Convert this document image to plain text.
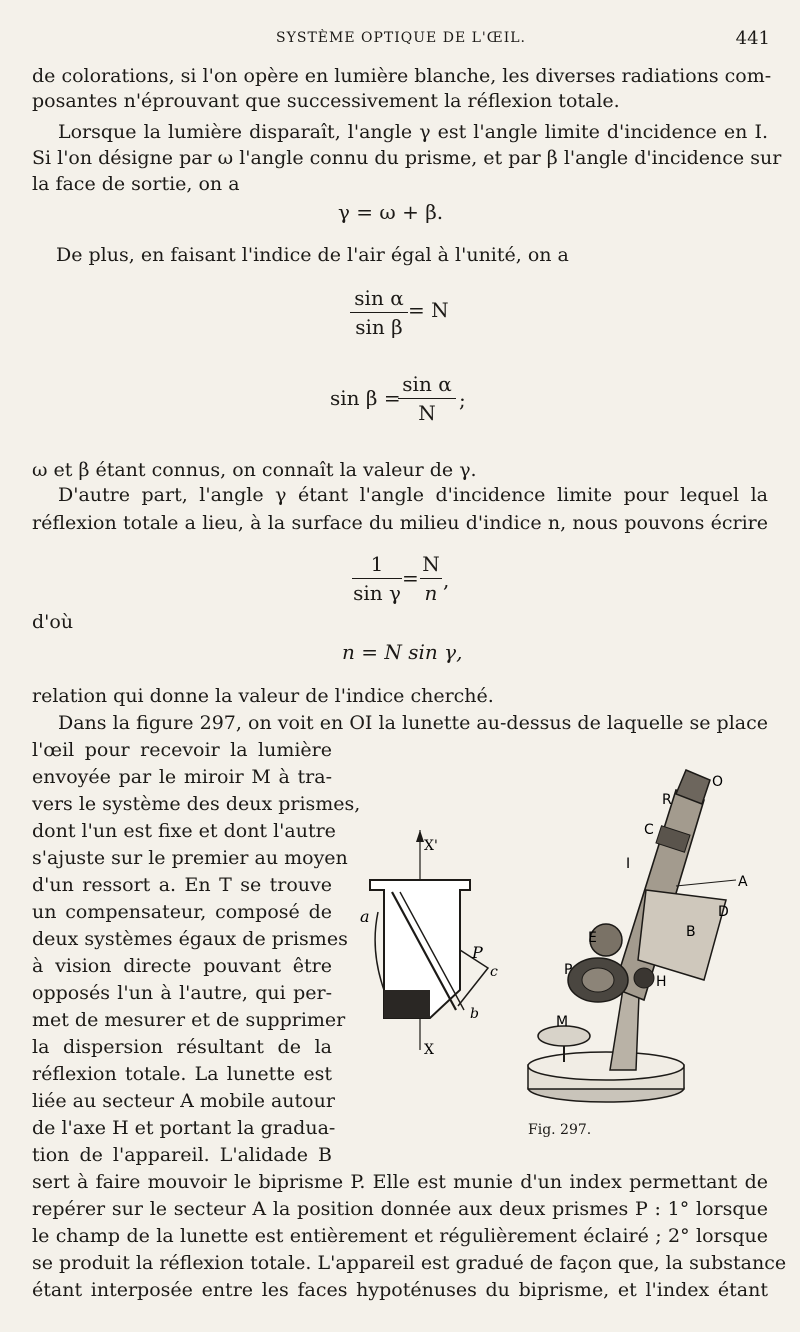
SYSTÈME OPTIQUE DE L'ŒIL.	441
de colorations, si l'on opère en lumière blanche, les diverses radiations com-
posantes n'éprouvant que successivement la réflexion totale.
Lorsque la lumière disparaît, l'angle γ est l'angle limite d'incidence en I.
Si l'on désigne par ω l'angle connu du prisme, et par β l'angle d'incidence sur
la face de sortie, on a
γ = ω + β.
De plus, en faisant l'indice de l'air égal à l'unité, on a
sin α
sin β
= N
sin β =
sin α
N
;
ω et β étant connus, on connaît la valeur de γ.
D'autre part, l'angle γ étant l'angle d'incidence limite pour lequel la
réflexion totale a lieu, à la surface du milieu d'indice n, nous pouvons écrire
1
sin γ
=
N
n
,
d'où
n = N sin γ,
relation qui donne la valeur de l'indice cherché.
Dans la figure 297, on voit en OI la lunette au-dessus de laquelle se place
l'œil pour recevoir la lumière
envoyée par le miroir M à tra-
vers le système des deux prismes,
dont l'un est fixe et dont l'autre
s'ajuste sur le premier au moyen
d'un ressort a. En T se trouve
un compensateur, composé de
deux systèmes égaux de prismes
à vision directe pouvant être
opposés l'un à l'autre, qui per-
met de mesurer et de supprimer
la dispersion résultant de la
réflexion totale. La lunette est
liée au secteur A mobile autour
de l'axe H et portant la gradua-
tion de l'appareil. L'alidade B
sert à faire mouvoir le biprisme P. Elle est munie d'un index permettant de
repérer sur le secteur A la position donnée aux deux prismes P : 1° lorsque
le champ de la lunette est entièrement et régulièrement éclairé ; 2° lorsque
se produit la réflexion totale. L'appareil est gradué de façon que, la substance
étant interposée entre les faces hypoténuses du biprisme, et l'index étant
X'
X
a
P
c
b
O
R
C
I
A
D
B
E
P
H
M
Fig. 297.
